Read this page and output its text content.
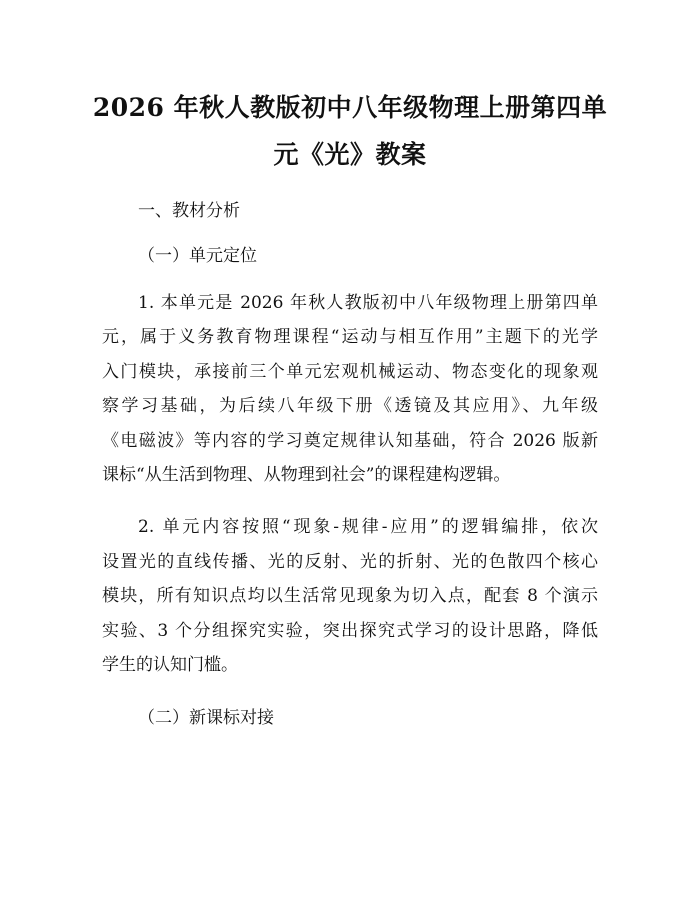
2026 年秋人教版初中八年级物理上册第四单
元《光》教案
一、教材分析
（一）单元定位
1. 本单元是 2026 年秋人教版初中八年级物理上册第四单
元，属于义务教育物理课程“运动与相互作用”主题下的光学
入门模块，承接前三个单元宏观机械运动、物态变化的现象观
察学习基础，为后续八年级下册《透镜及其应用》、九年级
《电磁波》等内容的学习奠定规律认知基础，符合 2026 版新
课标“从生活到物理、从物理到社会”的课程建构逻辑。
2. 单元内容按照“现象-规律-应用”的逻辑编排，依次
设置光的直线传播、光的反射、光的折射、光的色散四个核心
模块，所有知识点均以生活常见现象为切入点，配套 8 个演示
实验、3 个分组探究实验，突出探究式学习的设计思路，降低
学生的认知门槛。
（二）新课标对接
